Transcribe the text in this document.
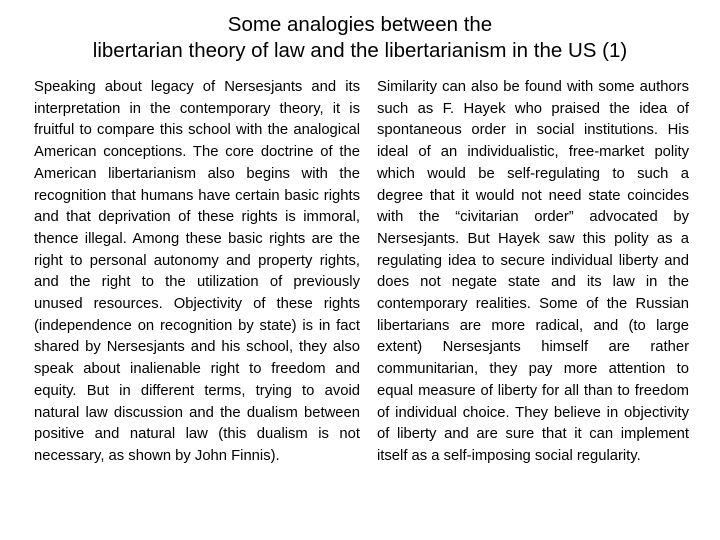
Some analogies between the
libertarian theory of law and the libertarianism in the US (1)

Speaking about legacy of Nersesjants and its interpretation in the contemporary theory, it is fruitful to compare this school with the analogical American conceptions. The core doctrine of the American libertarianism also begins with the recognition that humans have certain basic rights and that deprivation of these rights is immoral, thence illegal. Among these basic rights are the right to personal autonomy and property rights, and the right to the utilization of previously unused resources. Objectivity of these rights (independence on recognition by state) is in fact shared by Nersesjants and his school, they also speak about inalienable right to freedom and equity. But in different terms, trying to avoid natural law discussion and the dualism between positive and natural law (this dualism is not necessary, as shown by John Finnis).

Similarity can also be found with some authors such as F. Hayek who praised the idea of spontaneous order in social institutions. His ideal of an individualistic, free-market polity which would be self-regulating to such a degree that it would not need state coincides with the “civitarian order” advocated by Nersesjants. But Hayek saw this polity as a regulating idea to secure individual liberty and does not negate state and its law in the contemporary realities. Some of the Russian libertarians are more radical, and (to large extent) Nersesjants himself are rather communitarian, they pay more attention to equal measure of liberty for all than to freedom of individual choice. They believe in objectivity of liberty and are sure that it can implement itself as a self-imposing social regularity.
